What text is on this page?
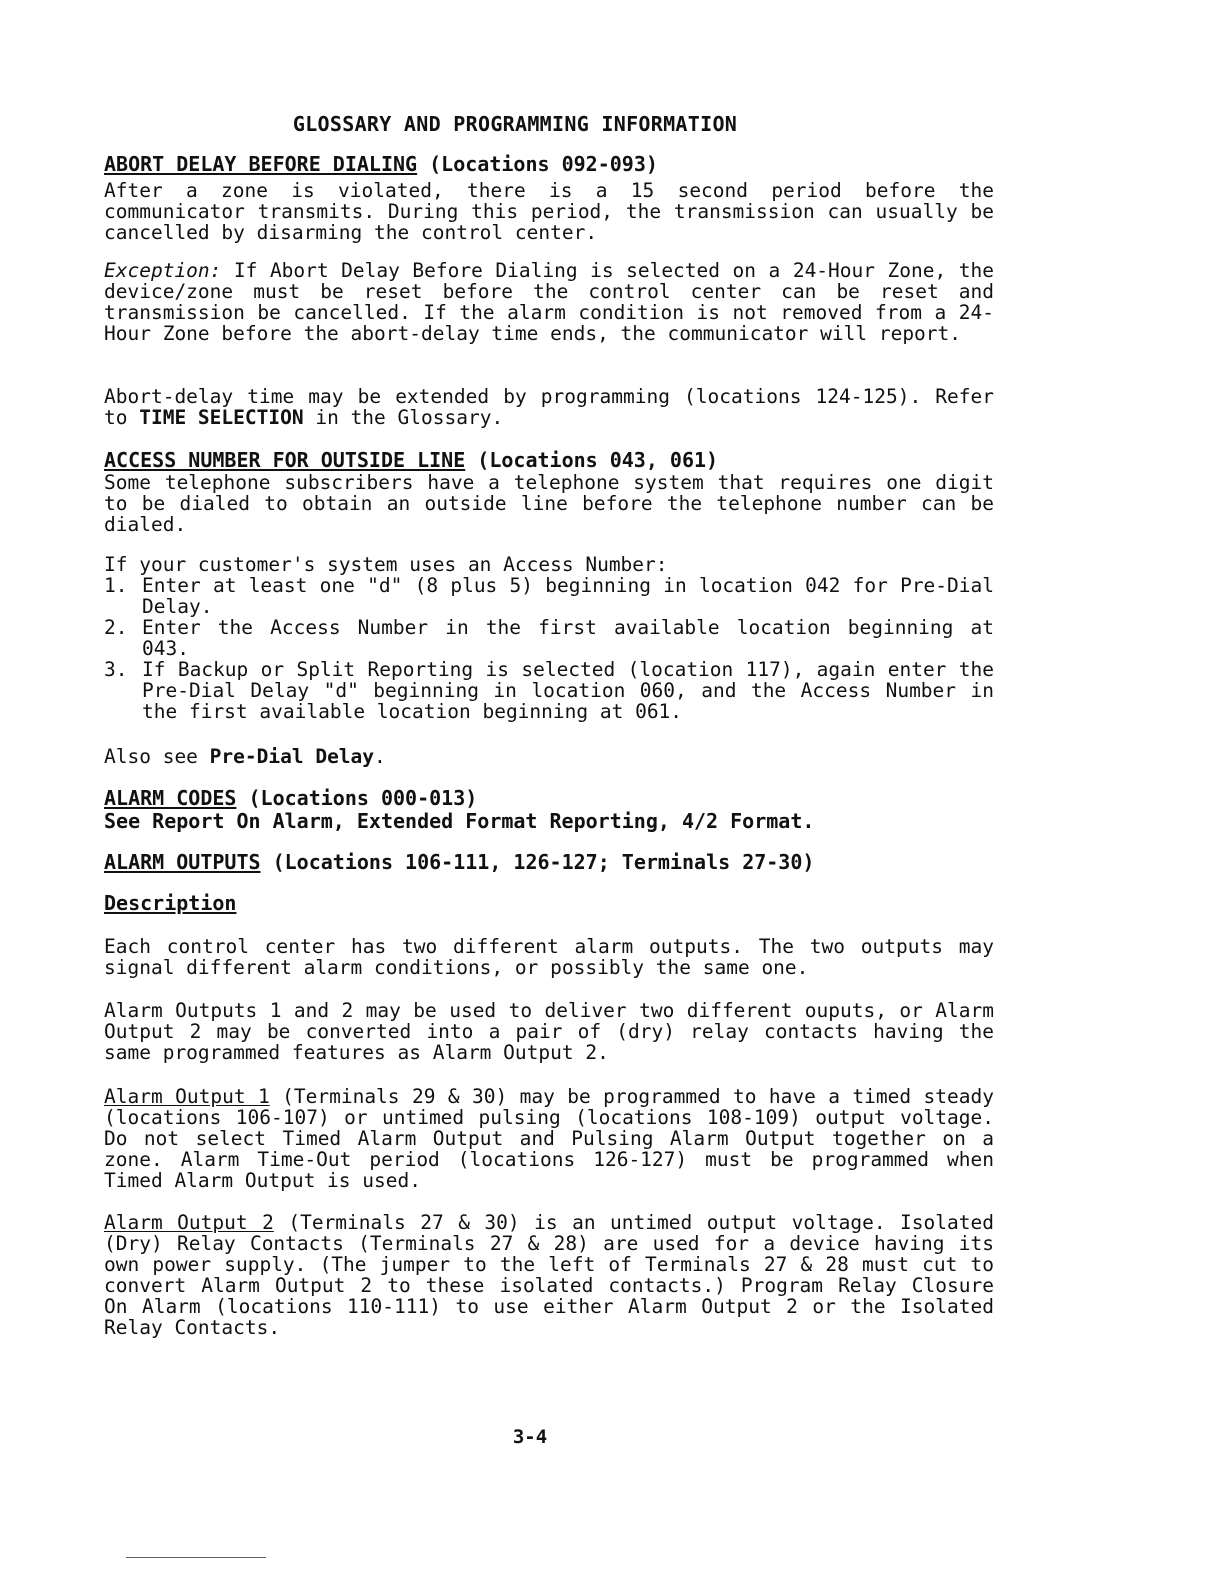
GLOSSARY AND PROGRAMMING INFORMATION
ABORT DELAY BEFORE DIALING (Locations 092-093)
After a zone is violated, there is a 15 second period before the communicator transmits. During this period, the transmission can usually be cancelled by disarming the control center.
Exception: If Abort Delay Before Dialing is selected on a 24-Hour Zone, the device/zone must be reset before the control center can be reset and transmission be cancelled. If the alarm condition is not removed from a 24-Hour Zone before the abort-delay time ends, the communicator will report.
Abort-delay time may be extended by programming (locations 124-125). Refer to TIME SELECTION in the Glossary.
ACCESS NUMBER FOR OUTSIDE LINE (Locations 043, 061)
Some telephone subscribers have a telephone system that requires one digit to be dialed to obtain an outside line before the telephone number can be dialed.
If your customer's system uses an Access Number:
1. Enter at least one "d" (8 plus 5) beginning in location 042 for Pre-Dial Delay.
2. Enter the Access Number in the first available location beginning at 043.
3. If Backup or Split Reporting is selected (location 117), again enter the Pre-Dial Delay "d" beginning in location 060, and the Access Number in the first available location beginning at 061.
Also see Pre-Dial Delay.
ALARM CODES (Locations 000-013)
See Report On Alarm, Extended Format Reporting, 4/2 Format.
ALARM OUTPUTS (Locations 106-111, 126-127; Terminals 27-30)
Description
Each control center has two different alarm outputs. The two outputs may signal different alarm conditions, or possibly the same one.
Alarm Outputs 1 and 2 may be used to deliver two different ouputs, or Alarm Output 2 may be converted into a pair of (dry) relay contacts having the same programmed features as Alarm Output 2.
Alarm Output 1 (Terminals 29 & 30) may be programmed to have a timed steady (locations 106-107) or untimed pulsing (locations 108-109) output voltage. Do not select Timed Alarm Output and Pulsing Alarm Output together on a zone. Alarm Time-Out period (locations 126-127) must be programmed when Timed Alarm Output is used.
Alarm Output 2 (Terminals 27 & 30) is an untimed output voltage. Isolated (Dry) Relay Contacts (Terminals 27 & 28) are used for a device having its own power supply. (The jumper to the left of Terminals 27 & 28 must cut to convert Alarm Output 2 to these isolated contacts.) Program Relay Closure On Alarm (locations 110-111) to use either Alarm Output 2 or the Isolated Relay Contacts.
3-4
